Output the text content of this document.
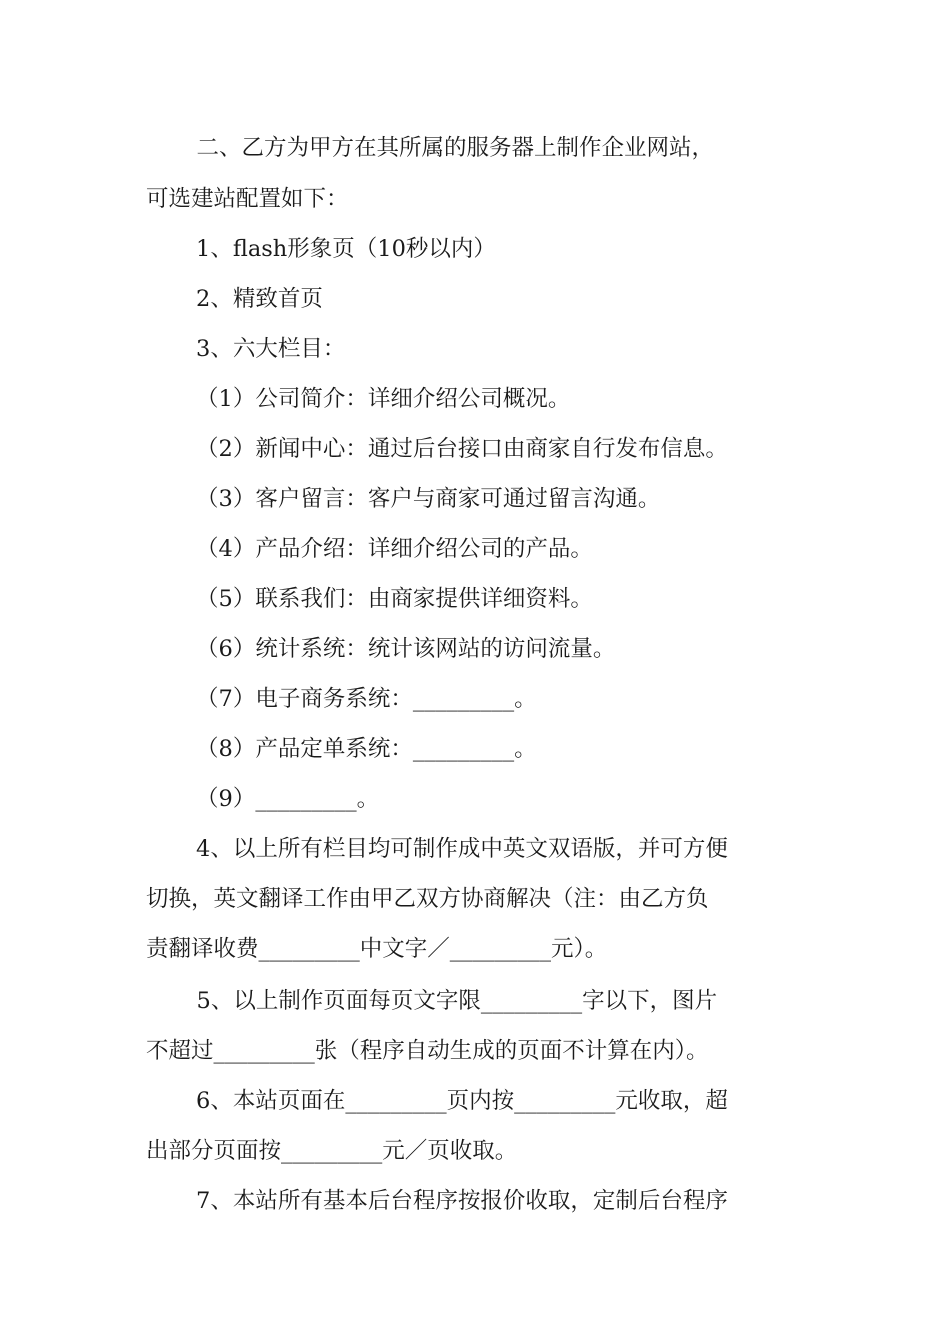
　二、乙方为甲方在其所属的服务器上制作企业网站，
可选建站配置如下：
1、flash形象页（10秒以内）
2、精致首页
3、六大栏目：
（1）公司简介：详细介绍公司概况。
（2）新闻中心：通过后台接口由商家自行发布信息。
（3）客户留言：客户与商家可通过留言沟通。
（4）产品介绍：详细介绍公司的产品。
（5）联系我们：由商家提供详细资料。
（6）统计系统：统计该网站的访问流量。
（7）电子商务系统：_________。
（8）产品定单系统：_________。
（9）_________。
4、以上所有栏目均可制作成中英文双语版，并可方便
切换，英文翻译工作由甲乙双方协商解决（注：由乙方负
责翻译收费_________中文字／_________元）。
　5、以上制作页面每页文字限_________字以下，图片
不超过_________张（程序自动生成的页面不计算在内）。
6、本站页面在_________页内按_________元收取，超
出部分页面按_________元／页收取。
7、本站所有基本后台程序按报价收取，定制后台程序
